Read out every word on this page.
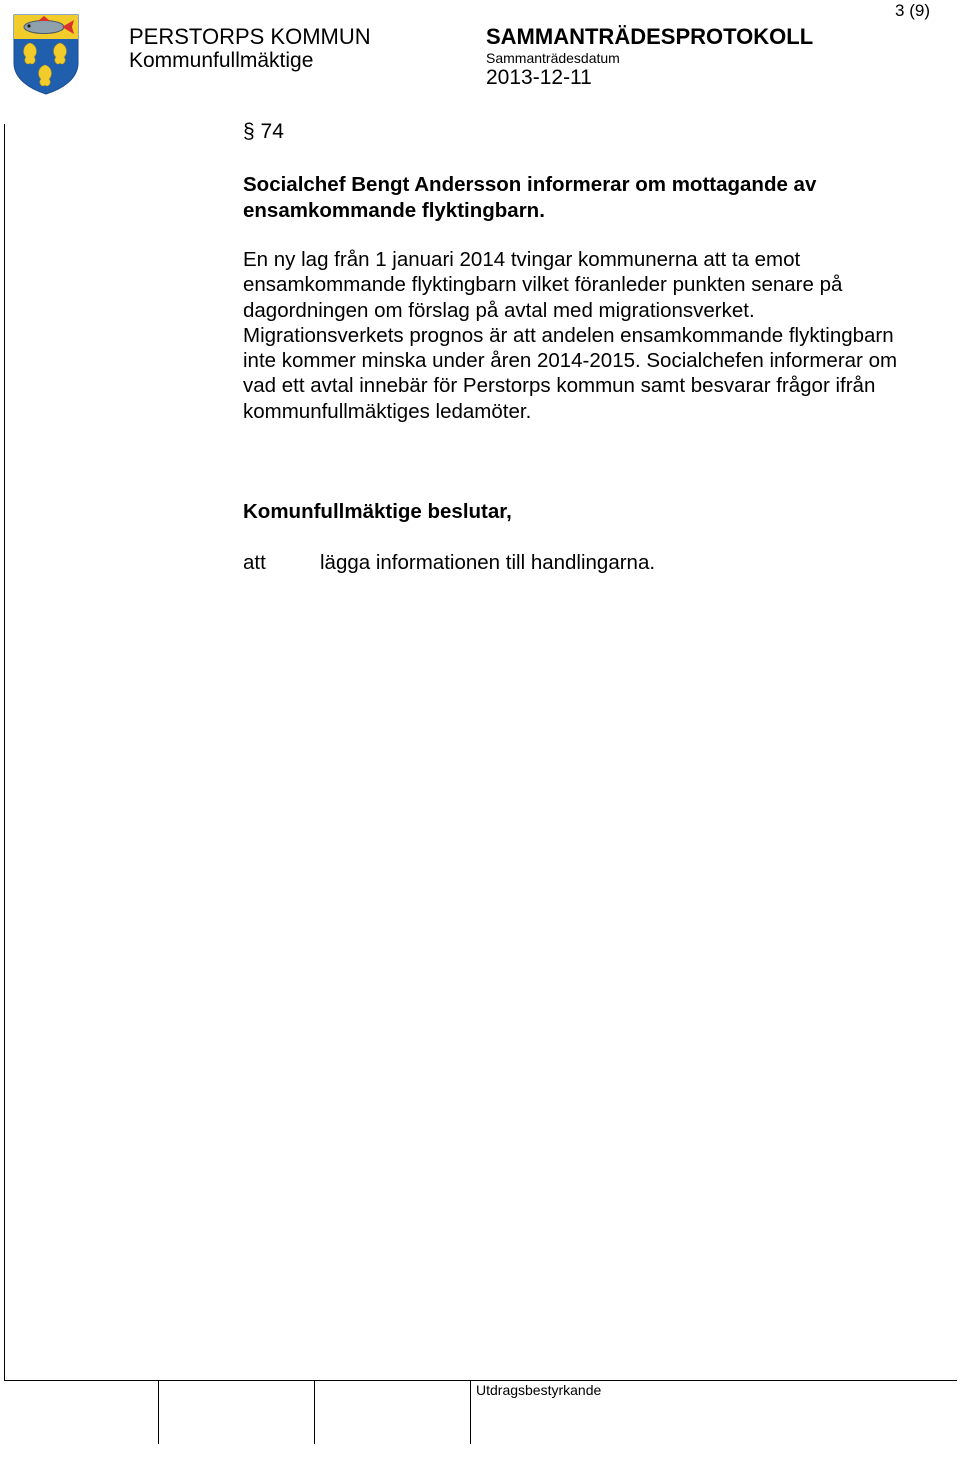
3 (9)
PERSTORPS KOMMUN
Kommunfullmäktige
SAMMANTRÄDESPROTOKOLL
Sammanträdesdatum
2013-12-11
§ 74
Socialchef Bengt Andersson informerar om mottagande av ensamkommande flyktingbarn.
En ny lag från 1 januari 2014 tvingar kommunerna att ta emot ensamkommande flyktingbarn vilket föranleder punkten senare på dagordningen om förslag på avtal med migrationsverket. Migrationsverkets prognos är att andelen ensamkommande flyktingbarn inte kommer minska under åren 2014-2015. Socialchefen informerar om vad ett avtal innebär för Perstorps kommun samt besvarar frågor ifrån kommunfullmäktiges ledamöter.
Komunfullmäktige beslutar,
att	lägga informationen till handlingarna.
Utdragsbestyrkande
